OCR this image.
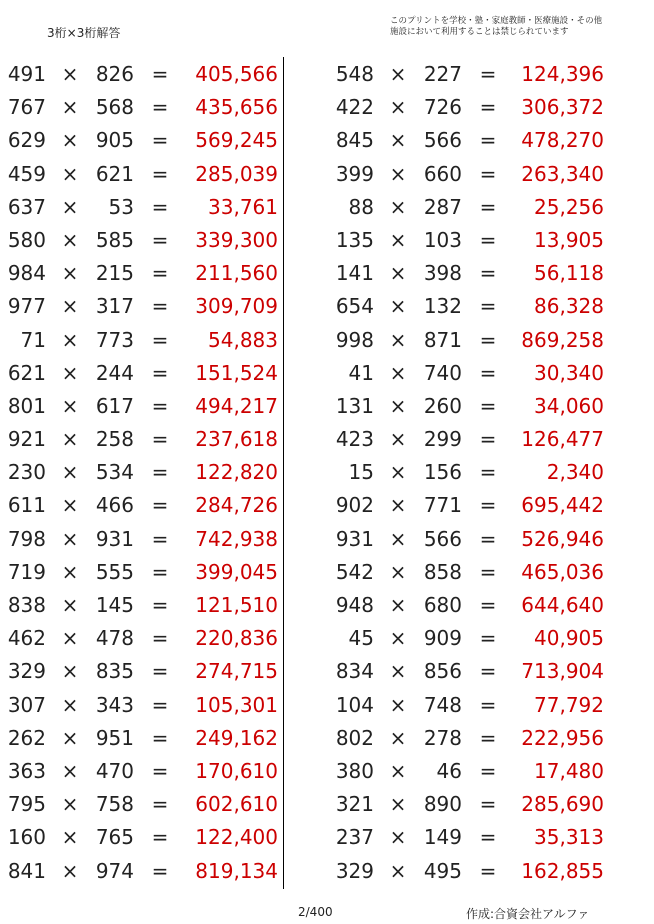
3桁×3桁解答
このプリントを学校・塾・家庭教師・医療施設・その他
施設において利用することは禁じられています
491 × 826 =	405,566
767 × 568 =	435,656
629 × 905 =	569,245
459 × 621 =	285,039
637 ×	53 =	33,761
580 × 585 =	339,300
984 × 215 =	211,560
977 × 317 =	309,709
71 × 773 =	54,883
621 × 244 =	151,524
801 × 617 =	494,217
921 × 258 =	237,618
230 × 534 =	122,820
611 × 466 =	284,726
798 × 931 =	742,938
719 × 555 =	399,045
838 × 145 =	121,510
462 × 478 =	220,836
329 × 835 =	274,715
307 × 343 =	105,301
262 × 951 =	249,162
363 × 470 =	170,610
795 × 758 =	602,610
160 × 765 =	122,400
841 × 974 =	819,134
548 × 227 =	124,396
422 × 726 =	306,372
845 × 566 =	478,270
399 × 660 =	263,340
88 × 287 =	25,256
135 × 103 =	13,905
141 × 398 =	56,118
654 × 132 =	86,328
998 × 871 =	869,258
41 × 740 =	30,340
131 × 260 =	34,060
423 × 299 =	126,477
15 × 156 =	2,340
902 × 771 =	695,442
931 × 566 =	526,946
542 × 858 =	465,036
948 × 680 =	644,640
45 × 909 =	40,905
834 × 856 =	713,904
104 × 748 =	77,792
802 × 278 =	222,956
380 ×	46 =	17,480
321 × 890 =	285,690
237 × 149 =	35,313
329 × 495 =	162,855
2/400	作成:合資会社アルファ
